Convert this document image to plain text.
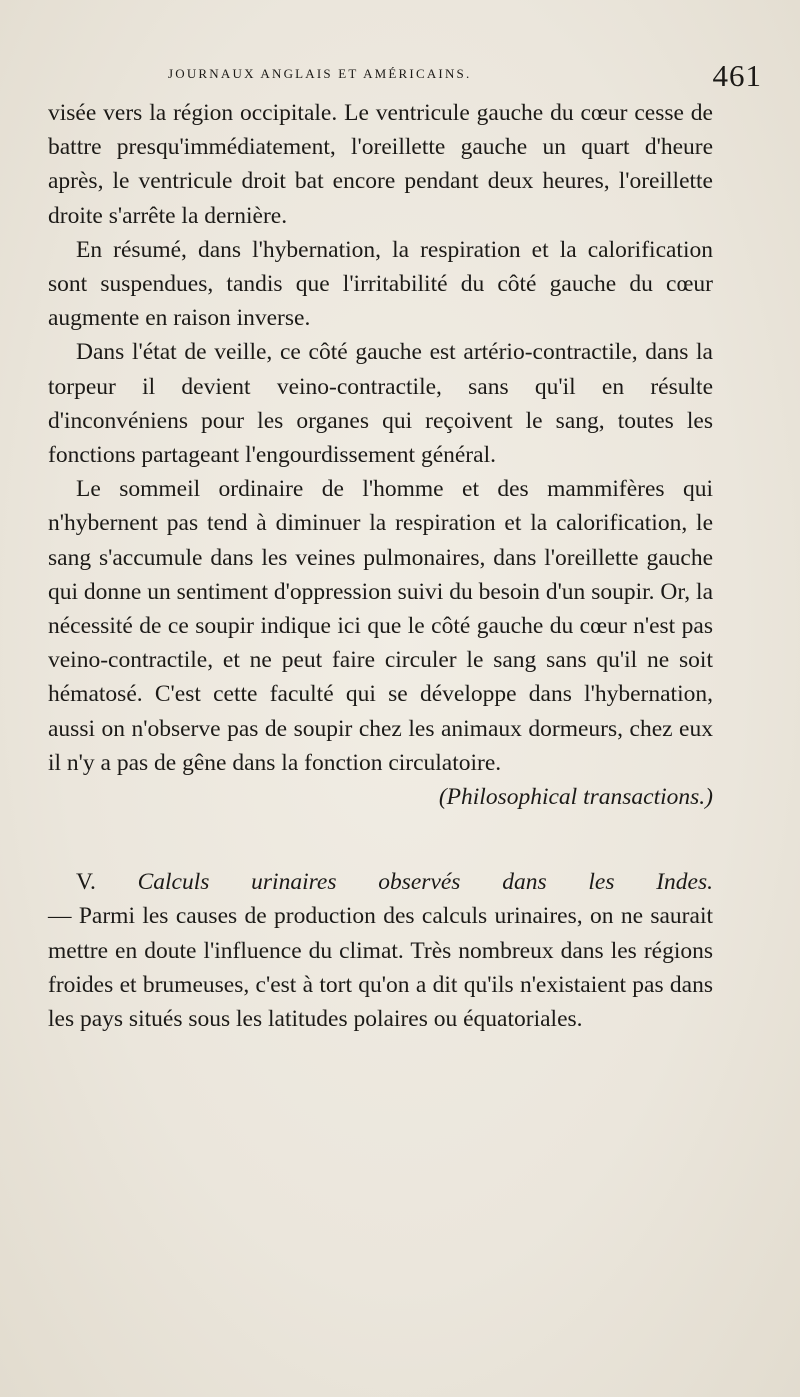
JOURNAUX ANGLAIS ET AMÉRICAINS.	461

visée vers la région occipitale. Le ventricule gauche du cœur cesse de battre presqu'immédiatement, l'oreillette gauche un quart d'heure après, le ventricule droit bat encore pendant deux heures, l'oreillette droite s'arrête la dernière.

En résumé, dans l'hybernation, la respiration et la calorification sont suspendues, tandis que l'irritabilité du côté gauche du cœur augmente en raison inverse.

Dans l'état de veille, ce côté gauche est artério-contractile, dans la torpeur il devient veino-contractile, sans qu'il en résulte d'inconvéniens pour les organes qui reçoivent le sang, toutes les fonctions partageant l'engourdissement général.

Le sommeil ordinaire de l'homme et des mammifères qui n'hybernent pas tend à diminuer la respiration et la calorification, le sang s'accumule dans les veines pulmonaires, dans l'oreillette gauche qui donne un sentiment d'oppression suivi du besoin d'un soupir. Or, la nécessité de ce soupir indique ici que le côté gauche du cœur n'est pas veino-contractile, et ne peut faire circuler le sang sans qu'il ne soit hématosé. C'est cette faculté qui se développe dans l'hybernation, aussi on n'observe pas de soupir chez les animaux dormeurs, chez eux il n'y a pas de gêne dans la fonction circulatoire.

(Philosophical transactions.)

V. Calculs urinaires observés dans les Indes.

— Parmi les causes de production des calculs urinaires, on ne saurait mettre en doute l'influence du climat. Très nombreux dans les régions froides et brumeuses, c'est à tort qu'on a dit qu'ils n'existaient pas dans les pays situés sous les latitudes polaires ou équatoriales.
